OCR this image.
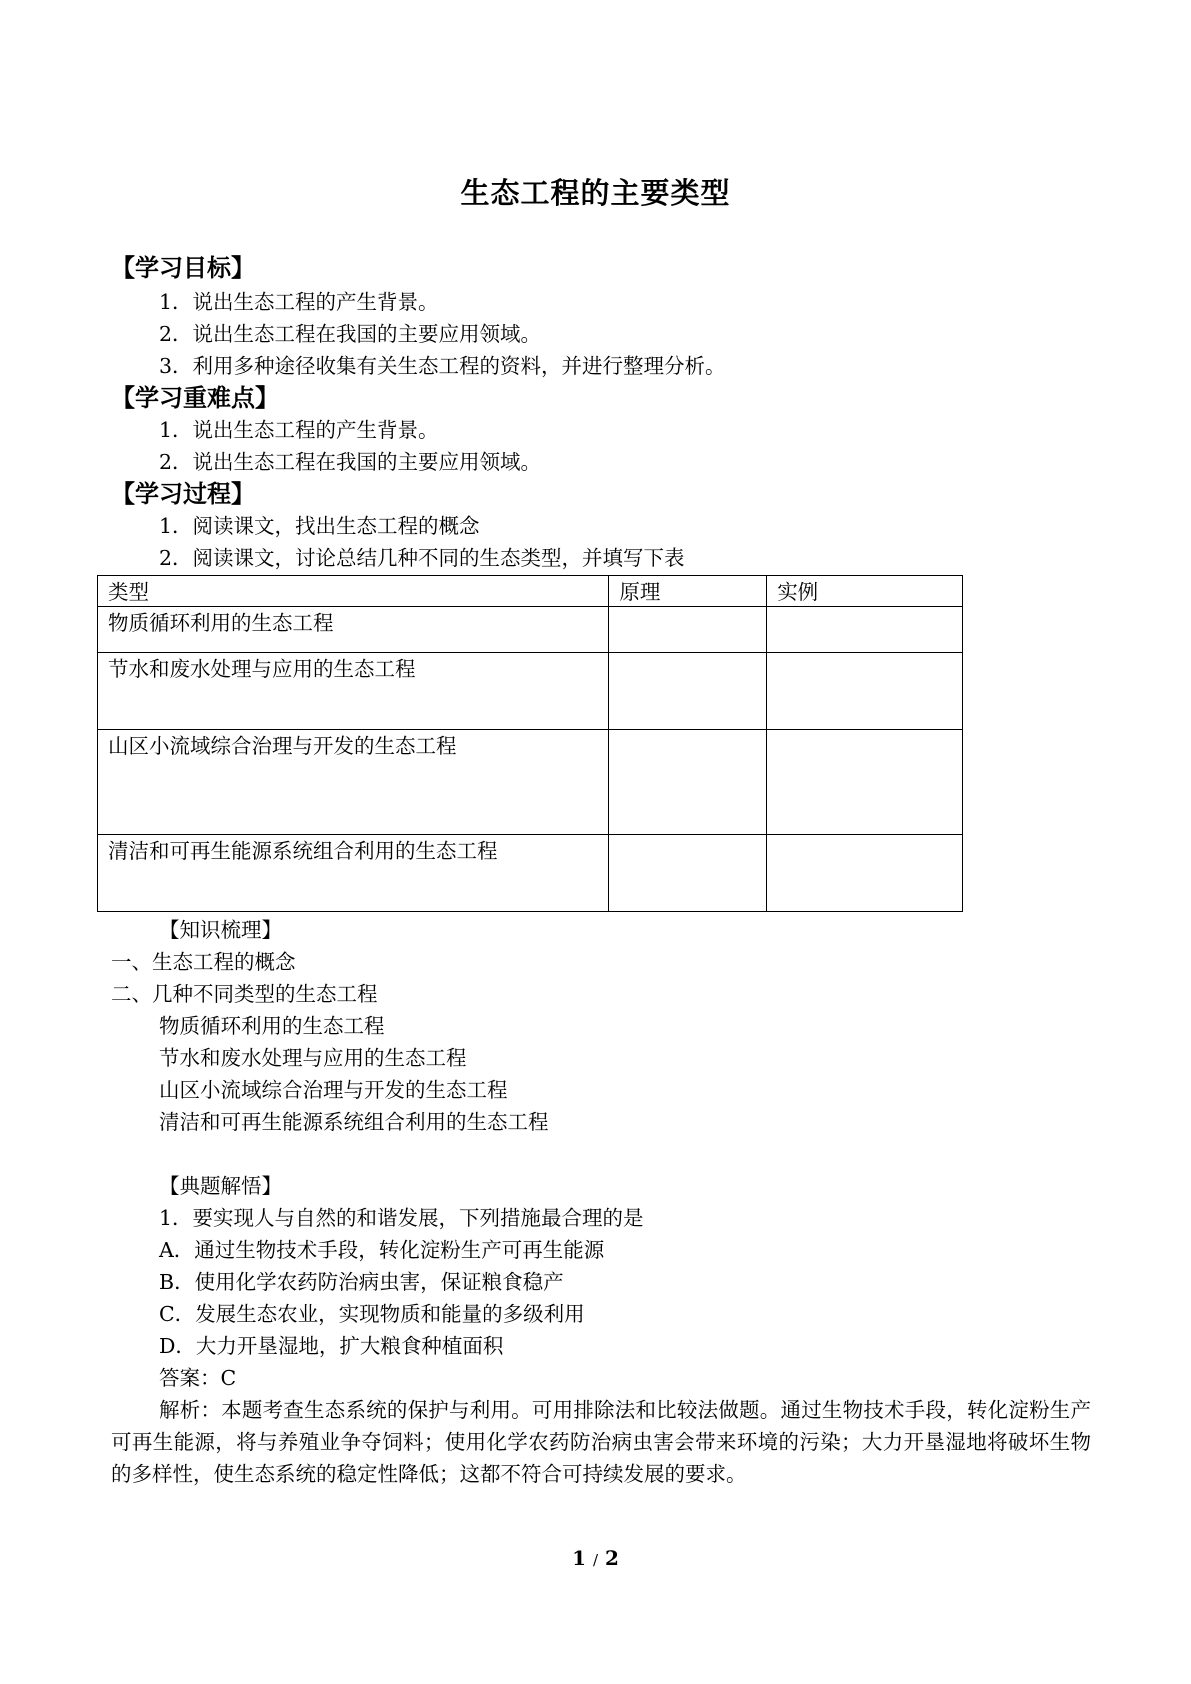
生态工程的主要类型
【学习目标】
1．说出生态工程的产生背景。
2．说出生态工程在我国的主要应用领域。
3．利用多种途径收集有关生态工程的资料，并进行整理分析。
【学习重难点】
1．说出生态工程的产生背景。
2．说出生态工程在我国的主要应用领域。
【学习过程】
1．阅读课文，找出生态工程的概念
2．阅读课文，讨论总结几种不同的生态类型，并填写下表
类型	原理	实例
物质循环利用的生态工程		
节水和废水处理与应用的生态工程		
山区小流域综合治理与开发的生态工程		
清洁和可再生能源系统组合利用的生态工程		
【知识梳理】
一、生态工程的概念
二、几种不同类型的生态工程
物质循环利用的生态工程
节水和废水处理与应用的生态工程
山区小流域综合治理与开发的生态工程
清洁和可再生能源系统组合利用的生态工程
【典题解悟】
1．要实现人与自然的和谐发展，下列措施最合理的是
A．通过生物技术手段，转化淀粉生产可再生能源
B．使用化学农药防治病虫害，保证粮食稳产
C．发展生态农业，实现物质和能量的多级利用
D．大力开垦湿地，扩大粮食种植面积
答案：C
解析：本题考查生态系统的保护与利用。可用排除法和比较法做题。通过生物技术手段，转化淀粉生产可再生能源，将与养殖业争夺饲料；使用化学农药防治病虫害会带来环境的污染；大力开垦湿地将破坏生物的多样性，使生态系统的稳定性降低；这都不符合可持续发展的要求。
1 / 2
